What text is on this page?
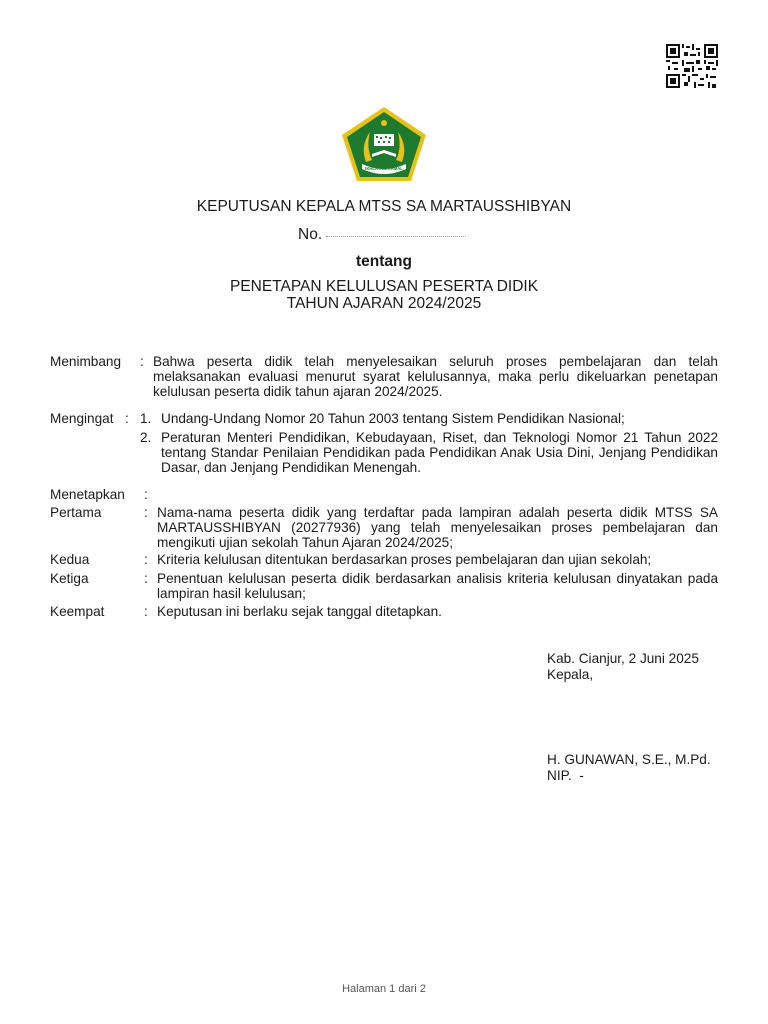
IKHLAS BERAMAL
KEPUTUSAN KEPALA MTSS SA MARTAUSSHIBYAN
No.
tentang
PENETAPAN KELULUSAN PESERTA DIDIK
TAHUN AJARAN 2024/2025
Menimbang : Bahwa peserta didik telah menyelesaikan seluruh proses pembelajaran dan telah melaksanakan evaluasi menurut syarat kelulusannya, maka perlu dikeluarkan penetapan kelulusan peserta didik tahun ajaran 2024/2025.
Mengingat : 1. Undang-Undang Nomor 20 Tahun 2003 tentang Sistem Pendidikan Nasional;
2. Peraturan Menteri Pendidikan, Kebudayaan, Riset, dan Teknologi Nomor 21 Tahun 2022 tentang Standar Penilaian Pendidikan pada Pendidikan Anak Usia Dini, Jenjang Pendidikan Dasar, dan Jenjang Pendidikan Menengah.
Menetapkan :
Pertama	: Nama-nama peserta didik yang terdaftar pada lampiran adalah peserta didik MTSS SA MARTAUSSHIBYAN (20277936) yang telah menyelesaikan proses pembelajaran dan mengikuti ujian sekolah Tahun Ajaran 2024/2025;
Kedua	: Kriteria kelulusan ditentukan berdasarkan proses pembelajaran dan ujian sekolah;
Ketiga	: Penentuan kelulusan peserta didik berdasarkan analisis kriteria kelulusan dinyatakan pada lampiran hasil kelulusan;
Keempat	: Keputusan ini berlaku sejak tanggal ditetapkan.
Kab. Cianjur, 2 Juni 2025
Kepala,
H. GUNAWAN, S.E., M.Pd.
NIP.  -
Halaman 1 dari 2
